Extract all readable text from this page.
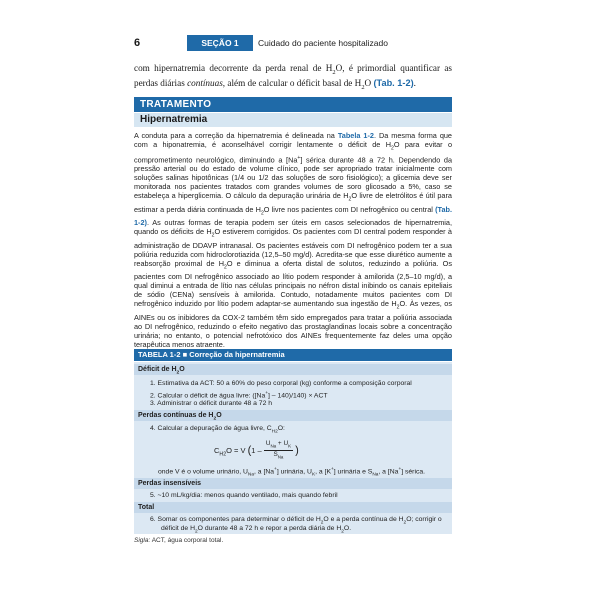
6	SEÇÃO 1	Cuidado do paciente hospitalizado
com hipernatremia decorrente da perda renal de $H_2O$, é primordial quantificar as perdas diárias contínuas, além de calcular o déficit basal de $H_2O$ (Tab. 1-2).
TRATAMENTO
Hipernatremia
A conduta para a correção da hipernatremia é delineada na Tabela 1-2. Da mesma forma que com a hiponatremia, é aconselhável corrigir lentamente o déficit de $H_2O$ para evitar o comprometimento neurológico, diminuindo a [Na+] sérica durante 48 a 72 h. Dependendo da pressão arterial ou do estado de volume clínico, pode ser apropriado tratar inicialmente com soluções salinas hipotônicas (1/4 ou 1/2 das soluções de soro fisiológico); a glicemia deve ser monitorada nos pacientes tratados com grandes volumes de soro glicosado a 5%, caso se estabeleça a hiperglicemia. O cálculo da depuração urinária de $H_2O$ livre de eletrólitos é útil para estimar a perda diária continuada de $H_2O$ livre nos pacientes com DI nefrogênico ou central (Tab. 1-2). As outras formas de terapia podem ser úteis em casos selecionados de hipernatremia, quando os déficits de $H_2O$ estiverem corrigidos. Os pacientes com DI central podem responder à administração de DDAVP intranasal. Os pacientes estáveis com DI nefrogênico podem ter a sua poliúria reduzida com hidroclorotiazida (12,5–50 mg/d). Acredita-se que esse diurético aumente a reabsorção proximal de $H_2O$ e diminua a oferta distal de solutos, reduzindo a poliúria. Os pacientes com DI nefrogênico associado ao lítio podem responder à amilorida (2,5–10 mg/d), a qual diminui a entrada de lítio nas células principais no néfron distal inibindo os canais epiteliais de sódio (CENa) sensíveis à amilorida. Contudo, notadamente muitos pacientes com DI nefrogênico induzido por lítio podem adaptar-se aumentando sua ingestão de $H_2O$. Às vezes, os AINEs ou os inibidores da COX-2 também têm sido empregados para tratar a poliúria associada ao DI nefrogênico, reduzindo o efeito negativo das prostaglandinas locais sobre a concentração urinária; no entanto, o potencial nefrotóxico dos AINEs frequentemente faz deles uma opção terapêutica menos atraente.
TABELA 1-2 ■ Correção da hipernatremia
Déficit de $H_2O$
1. Estimativa da ACT: 50 a 60% do peso corporal (kg) conforme a composição corporal
2. Calcular o déficit de água livre: ([Na+] – 140)/140) × ACT
3. Administrar o déficit durante 48 a 72 h
Perdas contínuas de $H_2O$
4. Calcular a depuração de água livre, $C_{H2}O$:
$C_{H2}O = V$ ($1 - \frac{U_{Na} + U_K}{S_{Na}}$ )
onde V é o volume urinário, $U_{Na}$, a [Na+] urinária, $U_K$, a [K+] urinária e $S_{Na}$, a [Na+] sérica.
Perdas insensíveis
5. ~10 mL/kg/dia: menos quando ventilado, mais quando febril
Total
6. Somar os componentes para determinar o déficit de $H_2O$ e a perda contínua de $H_2O$; corrigir o
déficit de $H_2O$ durante 48 a 72 h e repor a perda diária de $H_2O$.
Sigla: ACT, água corporal total.
